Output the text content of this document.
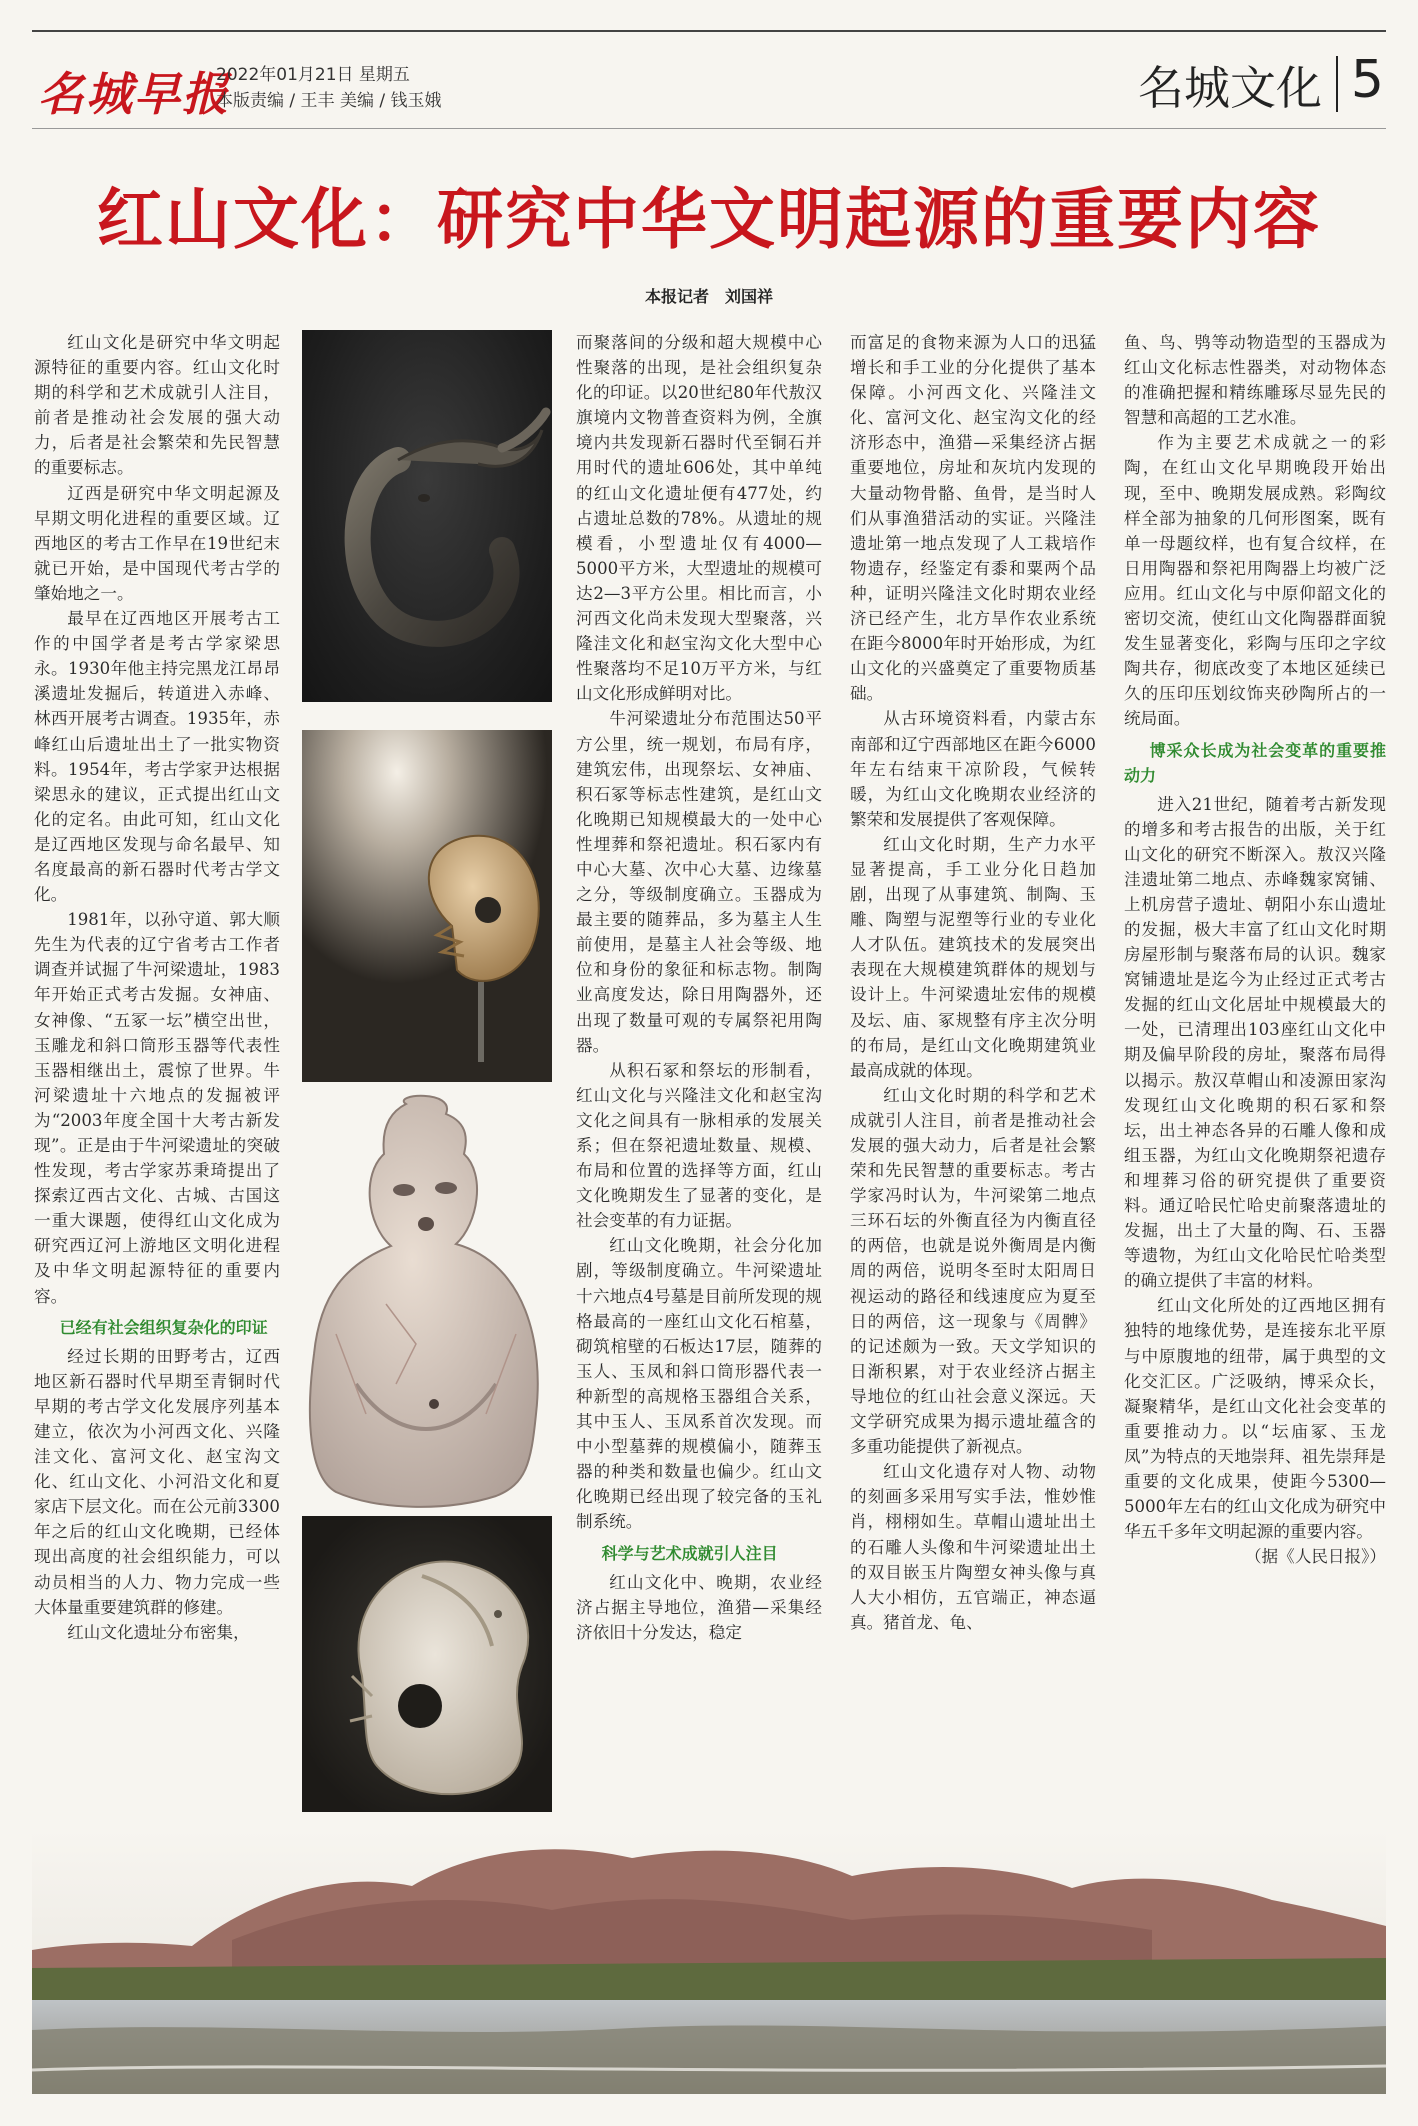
名城早报
2022年01月21日 星期五
本版责编 / 王丰 美编 / 钱玉娥	名城文化 5
红山文化：研究中华文明起源的重要内容
本报记者　刘国祥

红山文化是研究中华文明起源特征的重要内容。红山文化时期的科学和艺术成就引人注目，前者是推动社会发展的强大动力，后者是社会繁荣和先民智慧的重要标志。

辽西是研究中华文明起源及早期文明化进程的重要区域。辽西地区的考古工作早在19世纪末就已开始，是中国现代考古学的肇始地之一。

最早在辽西地区开展考古工作的中国学者是考古学家梁思永。1930年他主持完黑龙江昂昂溪遗址发掘后，转道进入赤峰、林西开展考古调查。1935年，赤峰红山后遗址出土了一批实物资料。1954年，考古学家尹达根据梁思永的建议，正式提出红山文化的定名。由此可知，红山文化是辽西地区发现与命名最早、知名度最高的新石器时代考古学文化。

1981年，以孙守道、郭大顺先生为代表的辽宁省考古工作者调查并试掘了牛河梁遗址，1983年开始正式考古发掘。女神庙、女神像、“五冢一坛”横空出世，玉雕龙和斜口筒形玉器等代表性玉器相继出土，震惊了世界。牛河梁遗址十六地点的发掘被评为“2003年度全国十大考古新发现”。正是由于牛河梁遗址的突破性发现，考古学家苏秉琦提出了探索辽西古文化、古城、古国这一重大课题，使得红山文化成为研究西辽河上游地区文明化进程及中华文明起源特征的重要内容。

已经有社会组织复杂化的印证

经过长期的田野考古，辽西地区新石器时代早期至青铜时代早期的考古学文化发展序列基本建立，依次为小河西文化、兴隆洼文化、富河文化、赵宝沟文化、红山文化、小河沿文化和夏家店下层文化。而在公元前3300年之后的红山文化晚期，已经体现出高度的社会组织能力，可以动员相当的人力、物力完成一些大体量重要建筑群的修建。

红山文化遗址分布密集，

而聚落间的分级和超大规模中心性聚落的出现，是社会组织复杂化的印证。以20世纪80年代敖汉旗境内文物普查资料为例，全旗境内共发现新石器时代至铜石并用时代的遗址606处，其中单纯的红山文化遗址便有477处，约占遗址总数的78%。从遗址的规模看，小型遗址仅有4000—5000平方米，大型遗址的规模可达2—3平方公里。相比而言，小河西文化尚未发现大型聚落，兴隆洼文化和赵宝沟文化大型中心性聚落均不足10万平方米，与红山文化形成鲜明对比。

牛河梁遗址分布范围达50平方公里，统一规划，布局有序，建筑宏伟，出现祭坛、女神庙、积石冢等标志性建筑，是红山文化晚期已知规模最大的一处中心性埋葬和祭祀遗址。积石冢内有中心大墓、次中心大墓、边缘墓之分，等级制度确立。玉器成为最主要的随葬品，多为墓主人生前使用，是墓主人社会等级、地位和身份的象征和标志物。制陶业高度发达，除日用陶器外，还出现了数量可观的专属祭祀用陶器。

从积石冢和祭坛的形制看，红山文化与兴隆洼文化和赵宝沟文化之间具有一脉相承的发展关系；但在祭祀遗址数量、规模、布局和位置的选择等方面，红山文化晚期发生了显著的变化，是社会变革的有力证据。

红山文化晚期，社会分化加剧，等级制度确立。牛河梁遗址十六地点4号墓是目前所发现的规格最高的一座红山文化石棺墓，砌筑棺壁的石板达17层，随葬的玉人、玉凤和斜口筒形器代表一种新型的高规格玉器组合关系，其中玉人、玉凤系首次发现。而中小型墓葬的规模偏小，随葬玉器的种类和数量也偏少。红山文化晚期已经出现了较完备的玉礼制系统。

科学与艺术成就引人注目

红山文化中、晚期，农业经济占据主导地位，渔猎—采集经济依旧十分发达，稳定

而富足的食物来源为人口的迅猛增长和手工业的分化提供了基本保障。小河西文化、兴隆洼文化、富河文化、赵宝沟文化的经济形态中，渔猎—采集经济占据重要地位，房址和灰坑内发现的大量动物骨骼、鱼骨，是当时人们从事渔猎活动的实证。兴隆洼遗址第一地点发现了人工栽培作物遗存，经鉴定有黍和粟两个品种，证明兴隆洼文化时期农业经济已经产生，北方旱作农业系统在距今8000年时开始形成，为红山文化的兴盛奠定了重要物质基础。

从古环境资料看，内蒙古东南部和辽宁西部地区在距今6000年左右结束干凉阶段，气候转暖，为红山文化晚期农业经济的繁荣和发展提供了客观保障。

红山文化时期，生产力水平显著提高，手工业分化日趋加剧，出现了从事建筑、制陶、玉雕、陶塑与泥塑等行业的专业化人才队伍。建筑技术的发展突出表现在大规模建筑群体的规划与设计上。牛河梁遗址宏伟的规模及坛、庙、冢规整有序主次分明的布局，是红山文化晚期建筑业最高成就的体现。

红山文化时期的科学和艺术成就引人注目，前者是推动社会发展的强大动力，后者是社会繁荣和先民智慧的重要标志。考古学家冯时认为，牛河梁第二地点三环石坛的外衡直径为内衡直径的两倍，也就是说外衡周是内衡周的两倍，说明冬至时太阳周日视运动的路径和线速度应为夏至日的两倍，这一现象与《周髀》的记述颇为一致。天文学知识的日渐积累，对于农业经济占据主导地位的红山社会意义深远。天文学研究成果为揭示遗址蕴含的多重功能提供了新视点。

红山文化遗存对人物、动物的刻画多采用写实手法，惟妙惟肖，栩栩如生。草帽山遗址出土的石雕人头像和牛河梁遗址出土的双目嵌玉片陶塑女神头像与真人大小相仿，五官端正，神态逼真。猪首龙、龟、

鱼、鸟、鸮等动物造型的玉器成为红山文化标志性器类，对动物体态的准确把握和精练雕琢尽显先民的智慧和高超的工艺水准。

作为主要艺术成就之一的彩陶，在红山文化早期晚段开始出现，至中、晚期发展成熟。彩陶纹样全部为抽象的几何形图案，既有单一母题纹样，也有复合纹样，在日用陶器和祭祀用陶器上均被广泛应用。红山文化与中原仰韶文化的密切交流，使红山文化陶器群面貌发生显著变化，彩陶与压印之字纹陶共存，彻底改变了本地区延续已久的压印压划纹饰夹砂陶所占的一统局面。

博采众长成为社会变革的重要推动力

进入21世纪，随着考古新发现的增多和考古报告的出版，关于红山文化的研究不断深入。敖汉兴隆洼遗址第二地点、赤峰魏家窝铺、上机房营子遗址、朝阳小东山遗址的发掘，极大丰富了红山文化时期房屋形制与聚落布局的认识。魏家窝铺遗址是迄今为止经过正式考古发掘的红山文化居址中规模最大的一处，已清理出103座红山文化中期及偏早阶段的房址，聚落布局得以揭示。敖汉草帽山和凌源田家沟发现红山文化晚期的积石冢和祭坛，出土神态各异的石雕人像和成组玉器，为红山文化晚期祭祀遗存和埋葬习俗的研究提供了重要资料。通辽哈民忙哈史前聚落遗址的发掘，出土了大量的陶、石、玉器等遗物，为红山文化哈民忙哈类型的确立提供了丰富的材料。

红山文化所处的辽西地区拥有独特的地缘优势，是连接东北平原与中原腹地的纽带，属于典型的文化交汇区。广泛吸纳，博采众长，凝聚精华，是红山文化社会变革的重要推动力。以“坛庙冢、玉龙凤”为特点的天地崇拜、祖先崇拜是重要的文化成果，使距今5300—5000年左右的红山文化成为研究中华五千多年文明起源的重要内容。

（据《人民日报》）
